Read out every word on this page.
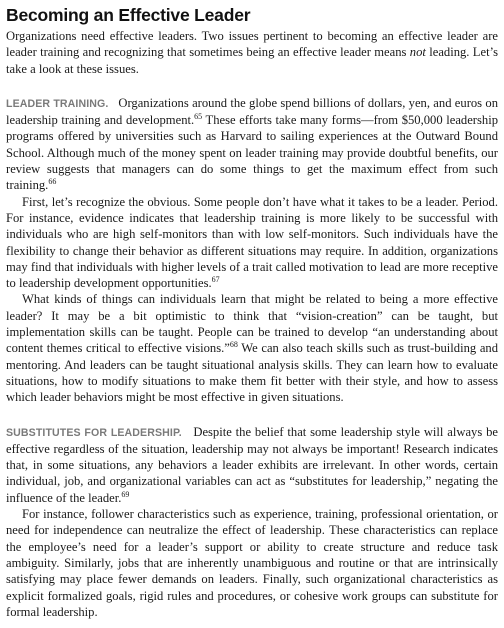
Becoming an Effective Leader

Organizations need effective leaders. Two issues pertinent to becoming an effective leader are leader training and recognizing that sometimes being an effective leader means not leading. Let’s take a look at these issues.

LEADER TRAINING. Organizations around the globe spend billions of dollars, yen, and euros on leadership training and development.$^{65}$ These efforts take many forms—from $50,000 leadership programs offered by universities such as Harvard to sailing experiences at the Outward Bound School. Although much of the money spent on leader training may provide doubtful benefits, our review suggests that managers can do some things to get the maximum effect from such training.$^{66}$

First, let’s recognize the obvious. Some people don’t have what it takes to be a leader. Period. For instance, evidence indicates that leadership training is more likely to be successful with individuals who are high self-monitors than with low self-monitors. Such individuals have the flexibility to change their behavior as different situations may require. In addition, organizations may find that individuals with higher levels of a trait called motivation to lead are more receptive to leadership development opportunities.$^{67}$

What kinds of things can individuals learn that might be related to being a more effective leader? It may be a bit optimistic to think that “vision-creation” can be taught, but implementation skills can be taught. People can be trained to develop “an understanding about content themes critical to effective visions.”$^{68}$ We can also teach skills such as trust-building and mentoring. And leaders can be taught situational analysis skills. They can learn how to evaluate situations, how to modify situations to make them fit better with their style, and how to assess which leader behaviors might be most effective in given situations.

SUBSTITUTES FOR LEADERSHIP. Despite the belief that some leadership style will always be effective regardless of the situation, leadership may not always be important! Research indicates that, in some situations, any behaviors a leader exhibits are irrelevant. In other words, certain individual, job, and organizational variables can act as “substitutes for leadership,” negating the influence of the leader.$^{69}$

For instance, follower characteristics such as experience, training, professional orientation, or need for independence can neutralize the effect of leadership. These characteristics can replace the employee’s need for a leader’s support or ability to create structure and reduce task ambiguity. Similarly, jobs that are inherently unambiguous and routine or that are intrinsically satisfying may place fewer demands on leaders. Finally, such organizational characteristics as explicit formalized goals, rigid rules and procedures, or cohesive work groups can substitute for formal leadership.
